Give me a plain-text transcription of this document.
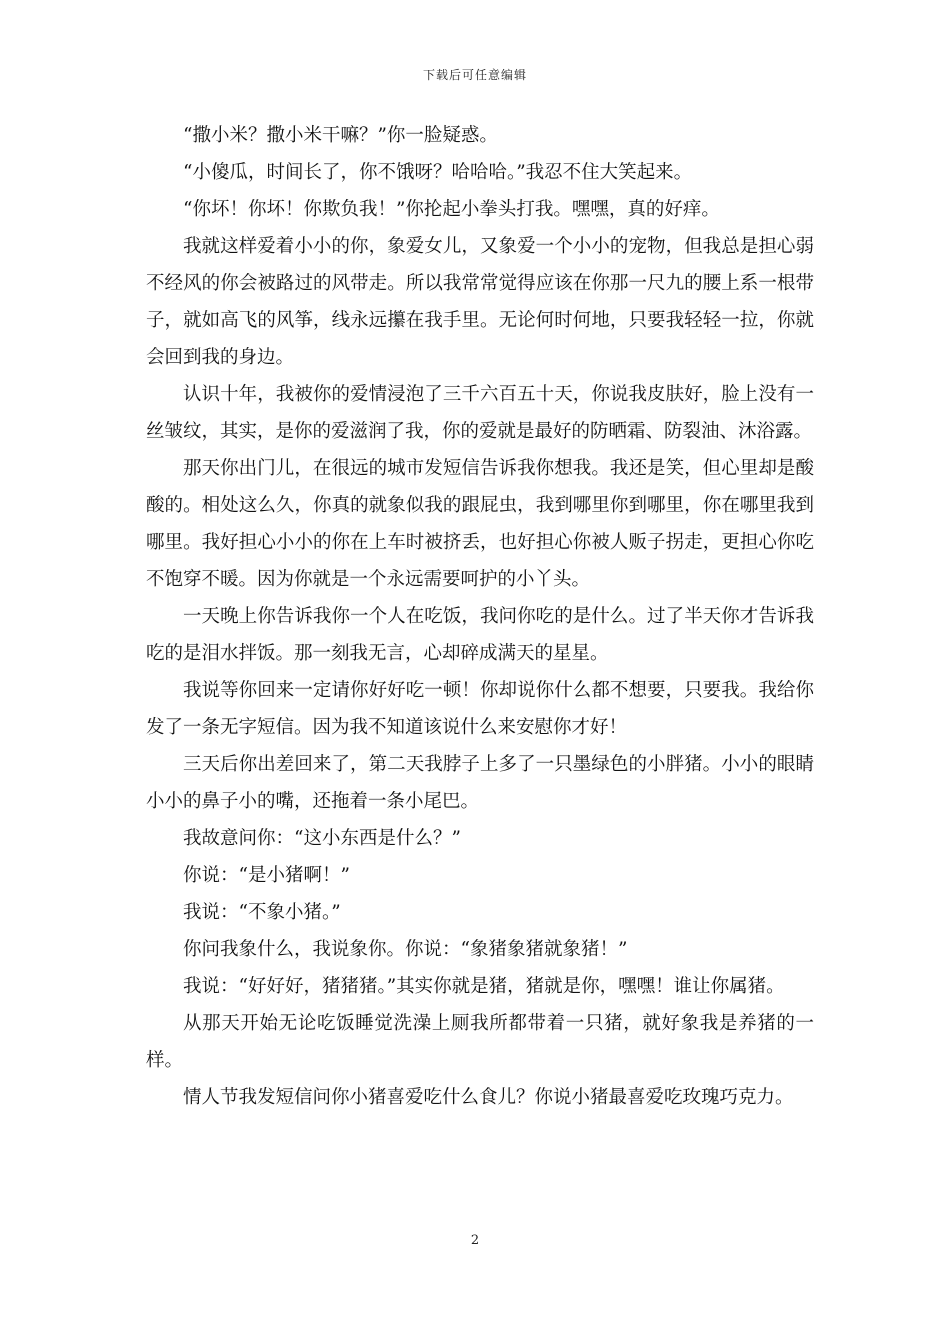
下载后可任意编辑

“撒小米？撒小米干嘛？”你一脸疑惑。

“小傻瓜，时间长了，你不饿呀？哈哈哈。”我忍不住大笑起来。

“你坏！你坏！你欺负我！”你抡起小拳头打我。嘿嘿，真的好痒。

我就这样爱着小小的你，象爱女儿，又象爱一个小小的宠物，但我总是担心弱不经风的你会被路过的风带走。所以我常常觉得应该在你那一尺九的腰上系一根带子，就如高飞的风筝，线永远攥在我手里。无论何时何地，只要我轻轻一拉，你就会回到我的身边。

认识十年，我被你的爱情浸泡了三千六百五十天，你说我皮肤好，脸上没有一丝皱纹，其实，是你的爱滋润了我，你的爱就是最好的防晒霜、防裂油、沐浴露。

那天你出门儿，在很远的城市发短信告诉我你想我。我还是笑，但心里却是酸酸的。相处这么久，你真的就象似我的跟屁虫，我到哪里你到哪里，你在哪里我到哪里。我好担心小小的你在上车时被挤丢，也好担心你被人贩子拐走，更担心你吃不饱穿不暖。因为你就是一个永远需要呵护的小丫头。

一天晚上你告诉我你一个人在吃饭，我问你吃的是什么。过了半天你才告诉我吃的是泪水拌饭。那一刻我无言，心却碎成满天的星星。

我说等你回来一定请你好好吃一顿！你却说你什么都不想要，只要我。我给你发了一条无字短信。因为我不知道该说什么来安慰你才好！

三天后你出差回来了，第二天我脖子上多了一只墨绿色的小胖猪。小小的眼睛小小的鼻子小的嘴，还拖着一条小尾巴。

我故意问你：“这小东西是什么？”

你说：“是小猪啊！”

我说：“不象小猪。”

你问我象什么，我说象你。你说：“象猪象猪就象猪！”

我说：“好好好，猪猪猪。”其实你就是猪，猪就是你，嘿嘿！谁让你属猪。

从那天开始无论吃饭睡觉洗澡上厕我所都带着一只猪，就好象我是养猪的一样。

情人节我发短信问你小猪喜爱吃什么食儿？你说小猪最喜爱吃玫瑰巧克力。

2
